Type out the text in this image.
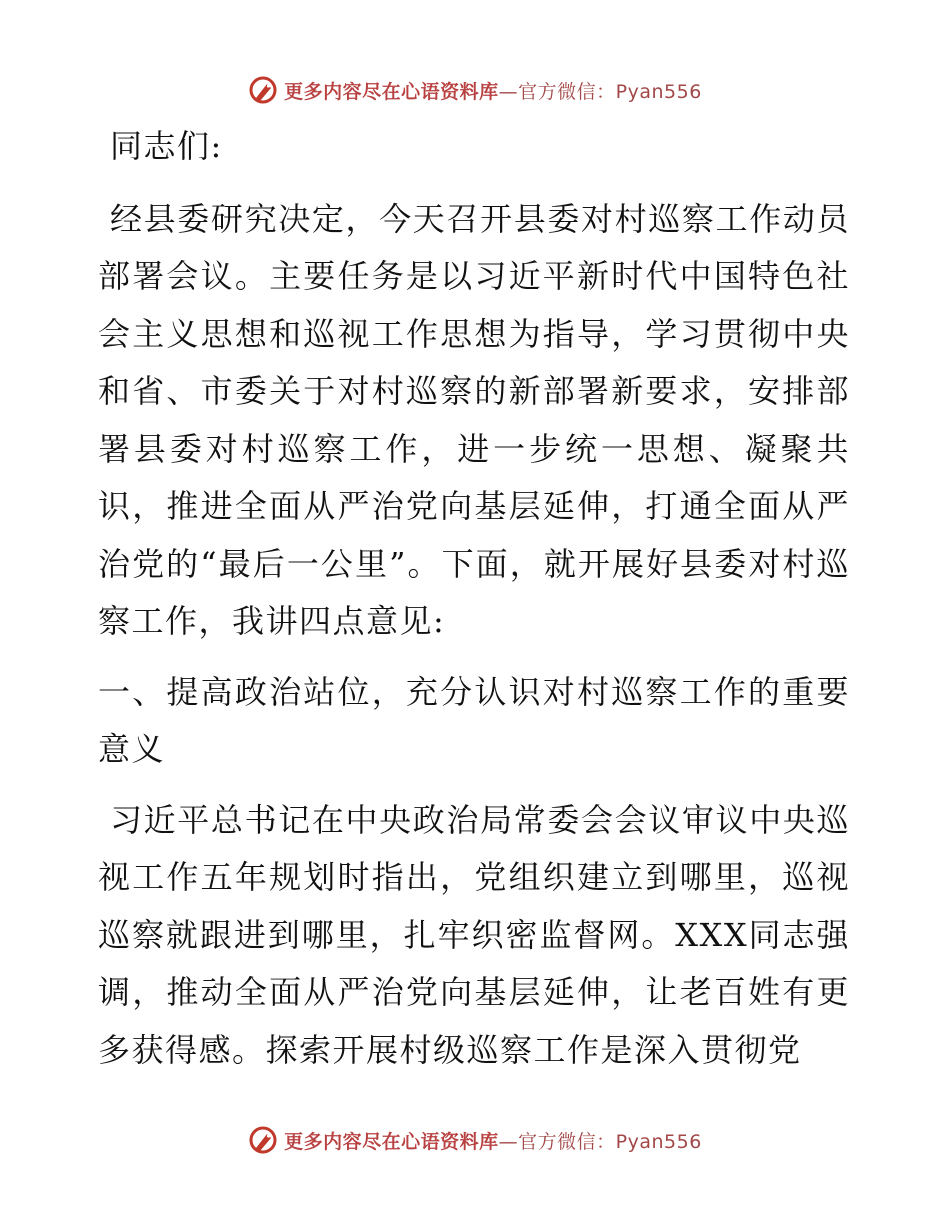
更多内容尽在心语资料库—官方微信：Pyan556

同志们:

经县委研究决定，今天召开县委对村巡察工作动员部署会议。主要任务是以习近平新时代中国特色社会主义思想和巡视工作思想为指导，学习贯彻中央和省、市委关于对村巡察的新部署新要求，安排部署县委对村巡察工作，进一步统一思想、凝聚共识，推进全面从严治党向基层延伸，打通全面从严治党的“最后一公里”。下面，就开展好县委对村巡察工作，我讲四点意见:

一、提高政治站位，充分认识对村巡察工作的重要意义

习近平总书记在中央政治局常委会会议审议中央巡视工作五年规划时指出，党组织建立到哪里，巡视巡察就跟进到哪里，扎牢织密监督网。XXX同志强调，推动全面从严治党向基层延伸，让老百姓有更多获得感。探索开展村级巡察工作是深入贯彻党

更多内容尽在心语资料库—官方微信：Pyan556
